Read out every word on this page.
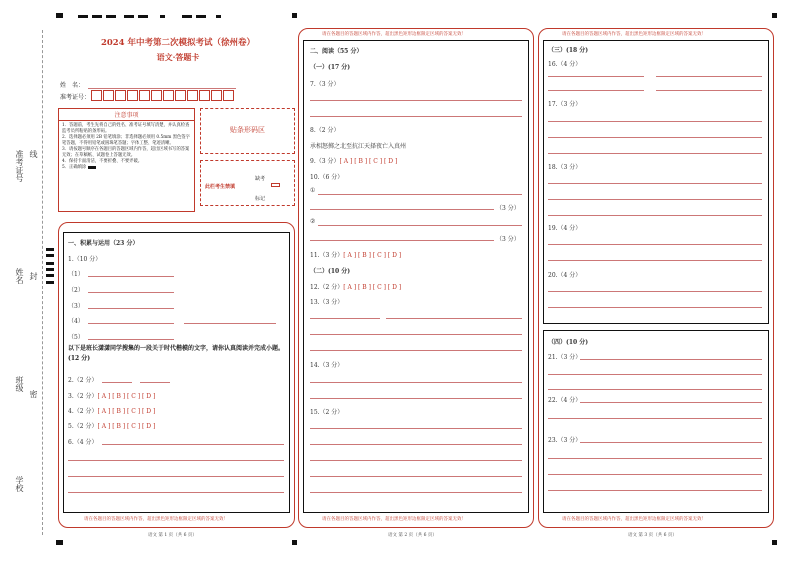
准考证号 线
姓名 封
班级
密
学校
2024 年中考第二次模拟考试（徐州卷）
语文·答题卡
姓　名：
准考证号：
注意事项
1．答题前，考生先将自己的姓名、准考证号填写清楚，并认真检查监考员所粘贴的条形码。
2．选择题必须用 2B 铅笔填涂；非选择题必须用 0.5mm 黑色签字笔答题，不得用铅笔或圆珠笔答题；字体工整、笔迹清晰。
3．请按题号顺序在各题目的答题区域内作答，超出区域书写的答案无效；在草稿纸、试题卷上答题无效。
4．保持卡面清洁，不要折叠、不要弄破。
5．正确填涂
贴条形码区
此栏考生禁填
缺考
标记
一、积累与运用（23 分）
1.（10 分）
（1）
（2）
（3）
（4）
（5）
以下是班长潇潇同学搜集的一段关于时代楷模的文字，请你认真阅读并完成小题。(12 分)
2.（2 分）
3.（2 分）[ A ] [ B ] [ C ] [ D ]
4.（2 分）[ A ] [ B ] [ C ] [ D ]
5.（2 分）[ A ] [ B ] [ C ] [ D ]
6.（4 分）
请在各题目的答题区域内作答，超出黑色矩形边框限定区域的答案无效！
语文 第 1 页（共 6 页）
请在各题目的答题区域内作答，超出黑色矩形边框限定区域的答案无效！
二、阅读（55 分）
（一）(17 分)
7.（3 分）
8.（2 分）
承相怒掷之北至抗江天择夜亡入真州
9.（3 分）[ A ] [ B ] [ C ] [ D ]
10.（6 分）
①
（3 分）
②
（3 分）
11.（3 分）[ A ] [ B ] [ C ] [ D ]
（二）(10 分)
12.（2 分）[ A ] [ B ] [ C ] [ D ]
13.（3 分）
14.（3 分）
15.（2 分）
请在各题目的答题区域内作答，超出黑色矩形边框限定区域的答案无效！
语文 第 2 页（共 6 页）
请在各题目的答题区域内作答，超出黑色矩形边框限定区域的答案无效！
（三）(18 分)
16.（4 分）
17.（3 分）
18.（3 分）
19.（4 分）
20.（4 分）
（四）(10 分)
21.（3 分）
22.（4 分）
23.（3 分）
请在各题目的答题区域内作答，超出黑色矩形边框限定区域的答案无效！
语文 第 3 页（共 6 页）
